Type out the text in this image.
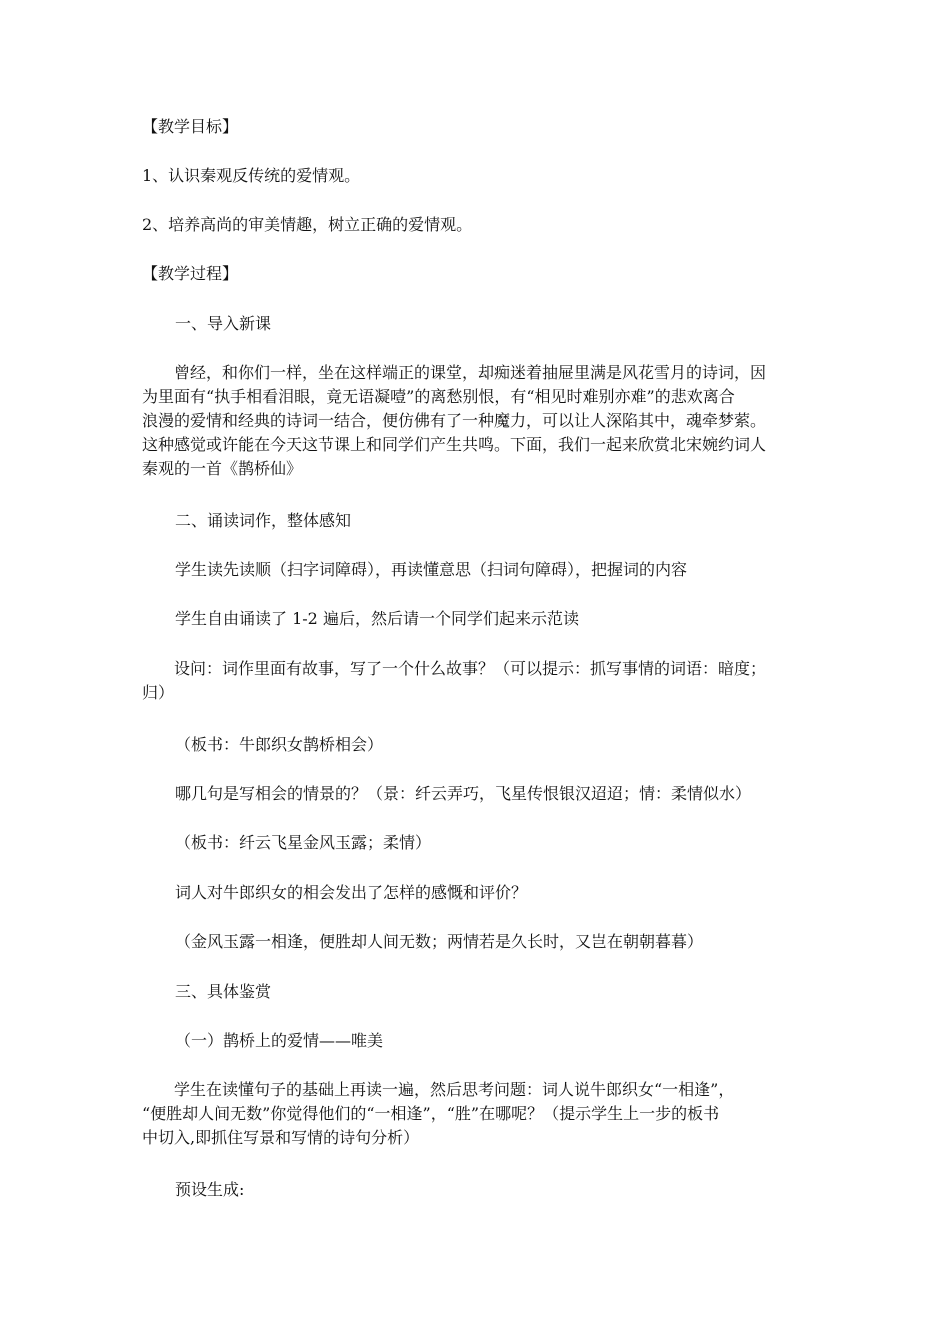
【教学目标】
1、认识秦观反传统的爱情观。
2、培养高尚的审美情趣，树立正确的爱情观。
【教学过程】
一、导入新课
　　曾经，和你们一样，坐在这样端正的课堂，却痴迷着抽屉里满是风花雪月的诗词，因
为里面有“执手相看泪眼，竟无语凝噎”的离愁别恨，有“相见时难别亦难”的悲欢离合
浪漫的爱情和经典的诗词一结合，便仿佛有了一种魔力，可以让人深陷其中，魂牵梦萦。
这种感觉或许能在今天这节课上和同学们产生共鸣。下面，我们一起来欣赏北宋婉约词人
秦观的一首《鹊桥仙》
二、诵读词作，整体感知
学生读先读顺（扫字词障碍），再读懂意思（扫词句障碍），把握词的内容
学生自由诵读了 1-2 遍后，然后请一个同学们起来示范读
　　设问：词作里面有故事，写了一个什么故事？（可以提示：抓写事情的词语：暗度；
归）
（板书：牛郎织女鹊桥相会）
哪几句是写相会的情景的？（景：纤云弄巧，飞星传恨银汉迢迢；情：柔情似水）
（板书：纤云飞星金风玉露；柔情）
词人对牛郎织女的相会发出了怎样的感慨和评价？
（金风玉露一相逢，便胜却人间无数；两情若是久长时，又岂在朝朝暮暮）
三、具体鉴赏
（一）鹊桥上的爱情——唯美
　　学生在读懂句子的基础上再读一遍，然后思考问题：词人说牛郎织女“一相逢”，
“便胜却人间无数”你觉得他们的“一相逢”，“胜”在哪呢？（提示学生上一步的板书
中切入,即抓住写景和写情的诗句分析）
预设生成:
